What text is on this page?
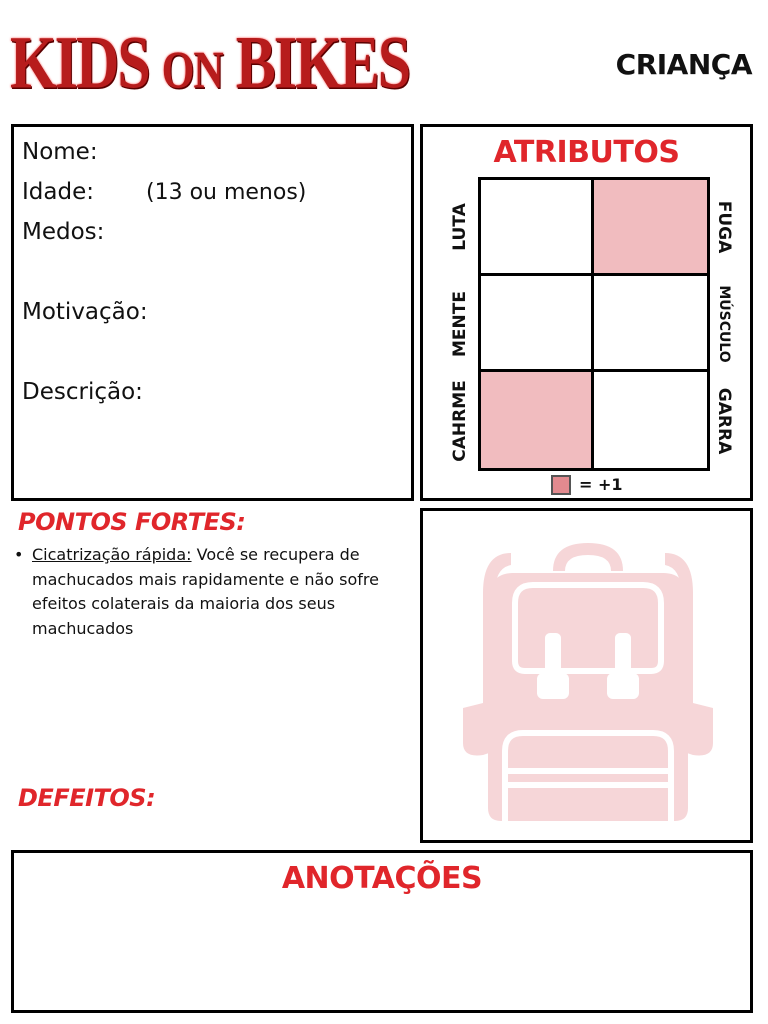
KIDS ON BIKES	CRIANÇA
Nome:
Idade: (13 ou menos)
Medos:
Motivação:
Descrição:
ATRIBUTOS
LUTA
MENTE
CAHRME
FUGA
MÚSCULO
GARRA
= +1
PONTOS FORTES:
• Cicatrização rápida: Você se recupera de machucados mais rapidamente e não sofre efeitos colaterais da maioria dos seus machucados
DEFEITOS:
ANOTAÇÕES
